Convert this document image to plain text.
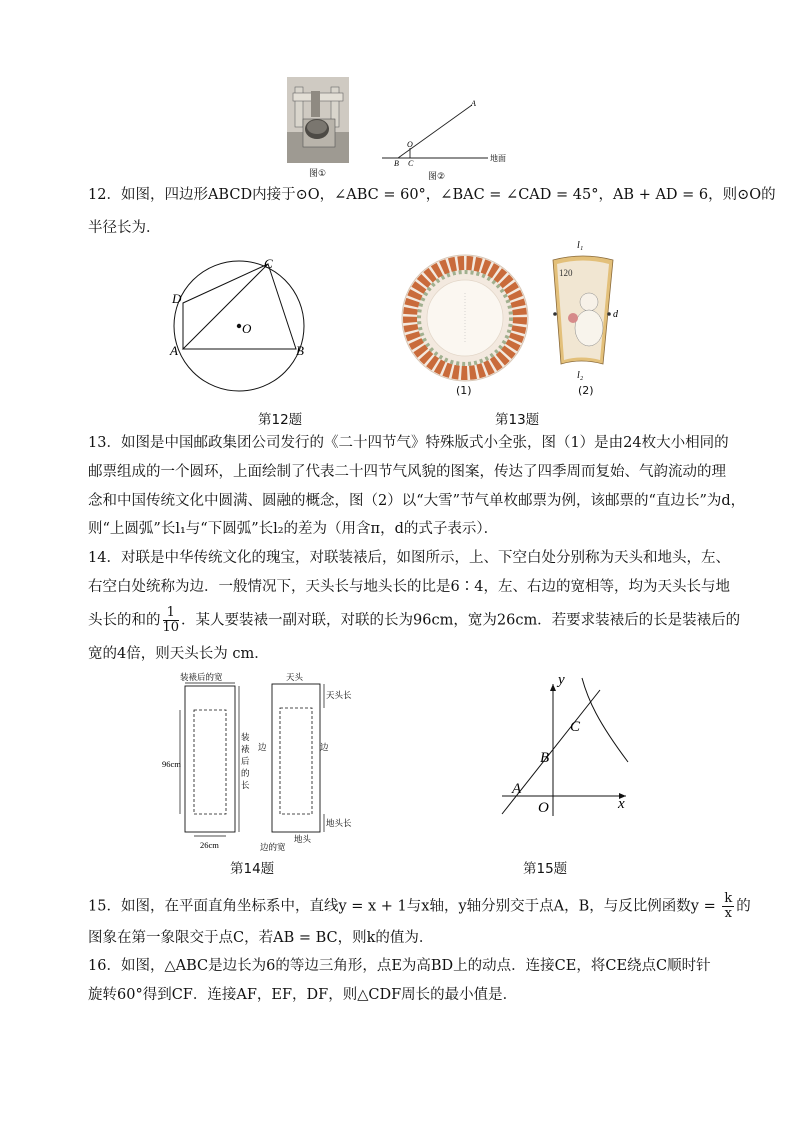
图①
A
O
B C
地面
图②
12．如图，四边形ABCD内接于⊙O，∠ABC = 60°，∠BAC = ∠CAD = 45°，AB + AD = 6，则⊙O的
半径长为．
A	B
C
D
O
第12题
(1)
l₁
120
d
l₂
(2)
第13题
13．如图是中国邮政集团公司发行的《二十四节气》特殊版式小全张，图（1）是由24枚大小相同的
邮票组成的一个圆环，上面绘制了代表二十四节气风貌的图案，传达了四季周而复始、气韵流动的理
念和中国传统文化中圆满、圆融的概念，图（2）以“大雪”节气单枚邮票为例，该邮票的“直边长”为d，
则“上圆弧”长l₁与“下圆弧”长l₂的差为（用含π，d的式子表示）．
14．对联是中华传统文化的瑰宝，对联装裱后，如图所示，上、下空白处分别称为天头和地头，左、
右空白处统称为边．一般情况下，天头长与地头长的比是6∶4，左、右边的宽相等，均为天头长与地
头长的和的 $\frac{1}{10}$ ．某人要装裱一副对联，对联的长为96cm，宽为26cm．若要求装裱后的长是装裱后的
宽的4倍，则天头长为 cm．
装裱后的宽
96cm
26cm
装
裱
后
的
长
天头
天头长
边	边
地头长
地头
边的宽
第14题
y
x
O
A
B
C
第15题
15．如图，在平面直角坐标系中，直线y = x + 1与x轴，y轴分别交于点A，B，与反比例函数$y = \frac{k}{x}$ 的
图象在第一象限交于点C，若AB = BC，则k的值为．
16．如图，△ABC是边长为6的等边三角形，点E为高BD上的动点．连接CE，将CE绕点C顺时针
旋转60°得到CF．连接AF，EF，DF，则△CDF周长的最小值是．
